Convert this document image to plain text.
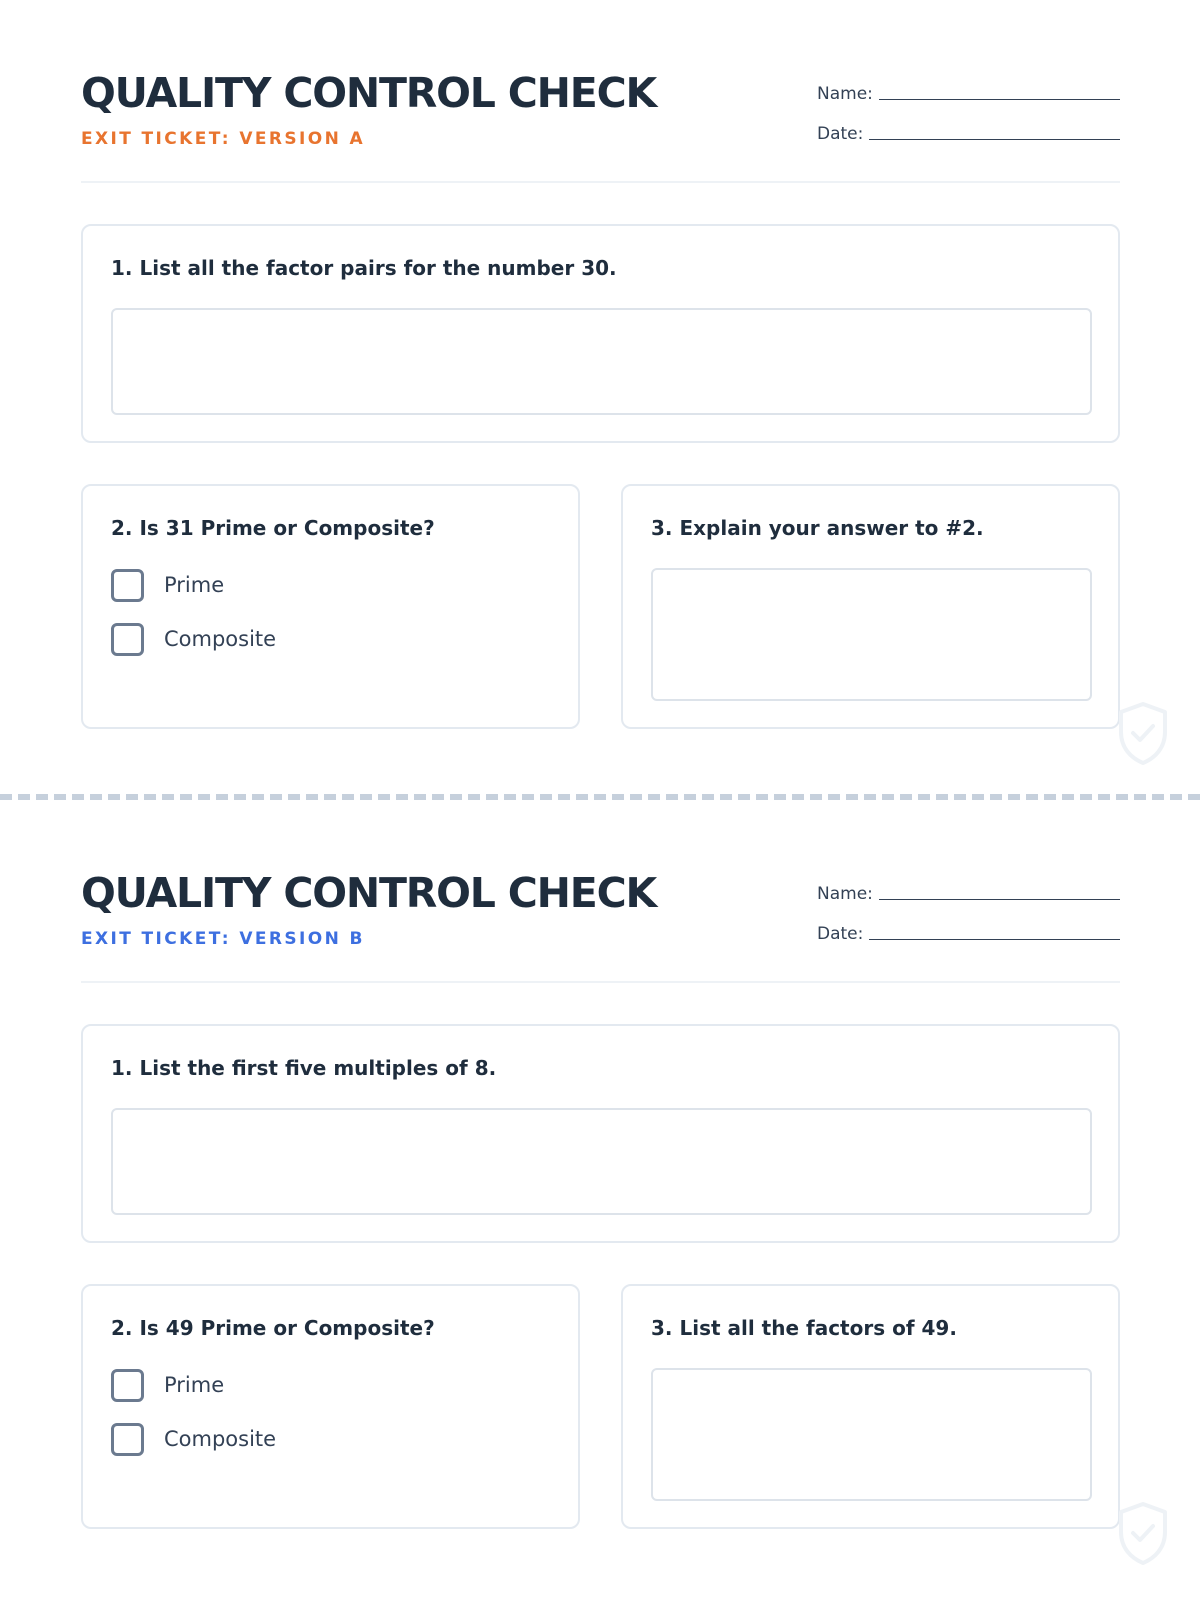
QUALITY CONTROL CHECK
EXIT TICKET: VERSION A
Name:
Date:
1. List all the factor pairs for the number 30.
2. Is 31 Prime or Composite?
Prime
Composite
3. Explain your answer to #2.
QUALITY CONTROL CHECK
EXIT TICKET: VERSION B
Name:
Date:
1. List the first five multiples of 8.
2. Is 49 Prime or Composite?
Prime
Composite
3. List all the factors of 49.
